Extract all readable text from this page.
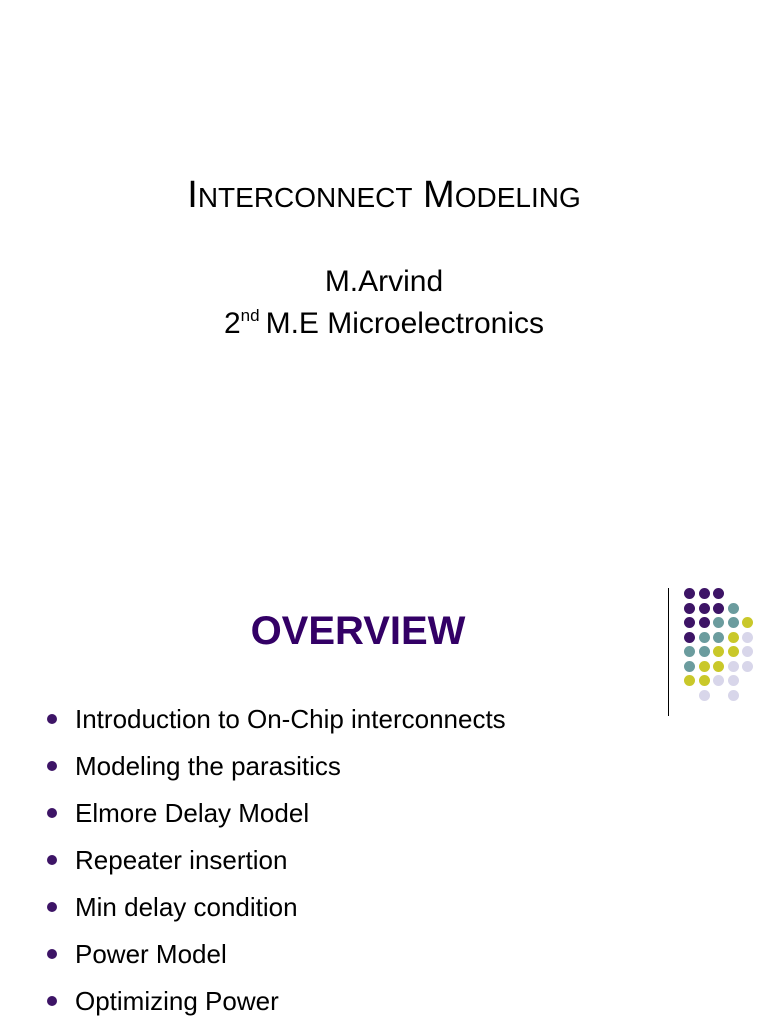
INTERCONNECT MODELING
M.Arvind
2nd M.E Microelectronics
OVERVIEW
Introduction to On-Chip interconnects
Modeling the parasitics
Elmore Delay Model
Repeater insertion
Min delay condition
Power Model
Optimizing Power
